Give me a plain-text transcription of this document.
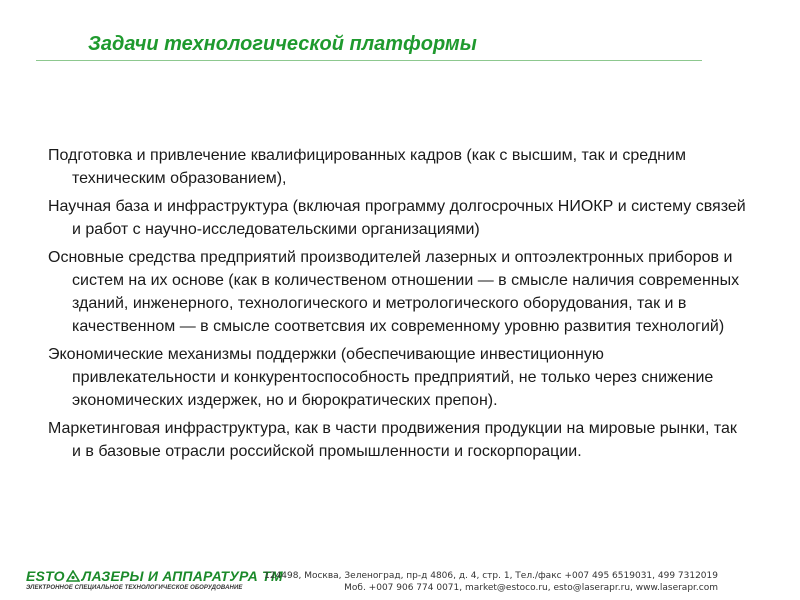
Задачи технологической платформы
Подготовка и привлечение квалифицированных кадров (как с высшим, так и средним техническим образованием),
Научная база и инфраструктура (включая программу долгосрочных НИОКР и систему связей и работ с научно-исследовательскими организациями)
Основные средства предприятий производителей лазерных и оптоэлектронных приборов и систем на их основе (как в количественом отношении — в смысле наличия современных зданий, инженерного, технологического и метрологического оборудования, так и в качественном — в смысле соответсвия их современному уровню развития технологий)
Экономические механизмы поддержки (обеспечивающие инвестиционную привлекательности и конкурентоспособность предприятий, не только через снижение экономических издержек, но и бюрократических препон).
Маркетинговая инфраструктура, как в части продвижения продукции на мировые рынки, так и в базовые отрасли российской промышленности и госкорпорации.
ESTO ЛАЗЕРЫ И АППАРАТУРА ТМ
ЭЛЕКТРОННОЕ СПЕЦИАЛЬНОЕ ТЕХНОЛОГИЧЕСКОЕ ОБОРУДОВАНИЕ
124498, Москва, Зеленоград, пр-д 4806, д. 4, стр. 1, Тел./факс +007 495 6519031, 499 7312019
Моб. +007 906 774 0071, market@estoco.ru, esto@laserapr.ru, www.laserapr.com
